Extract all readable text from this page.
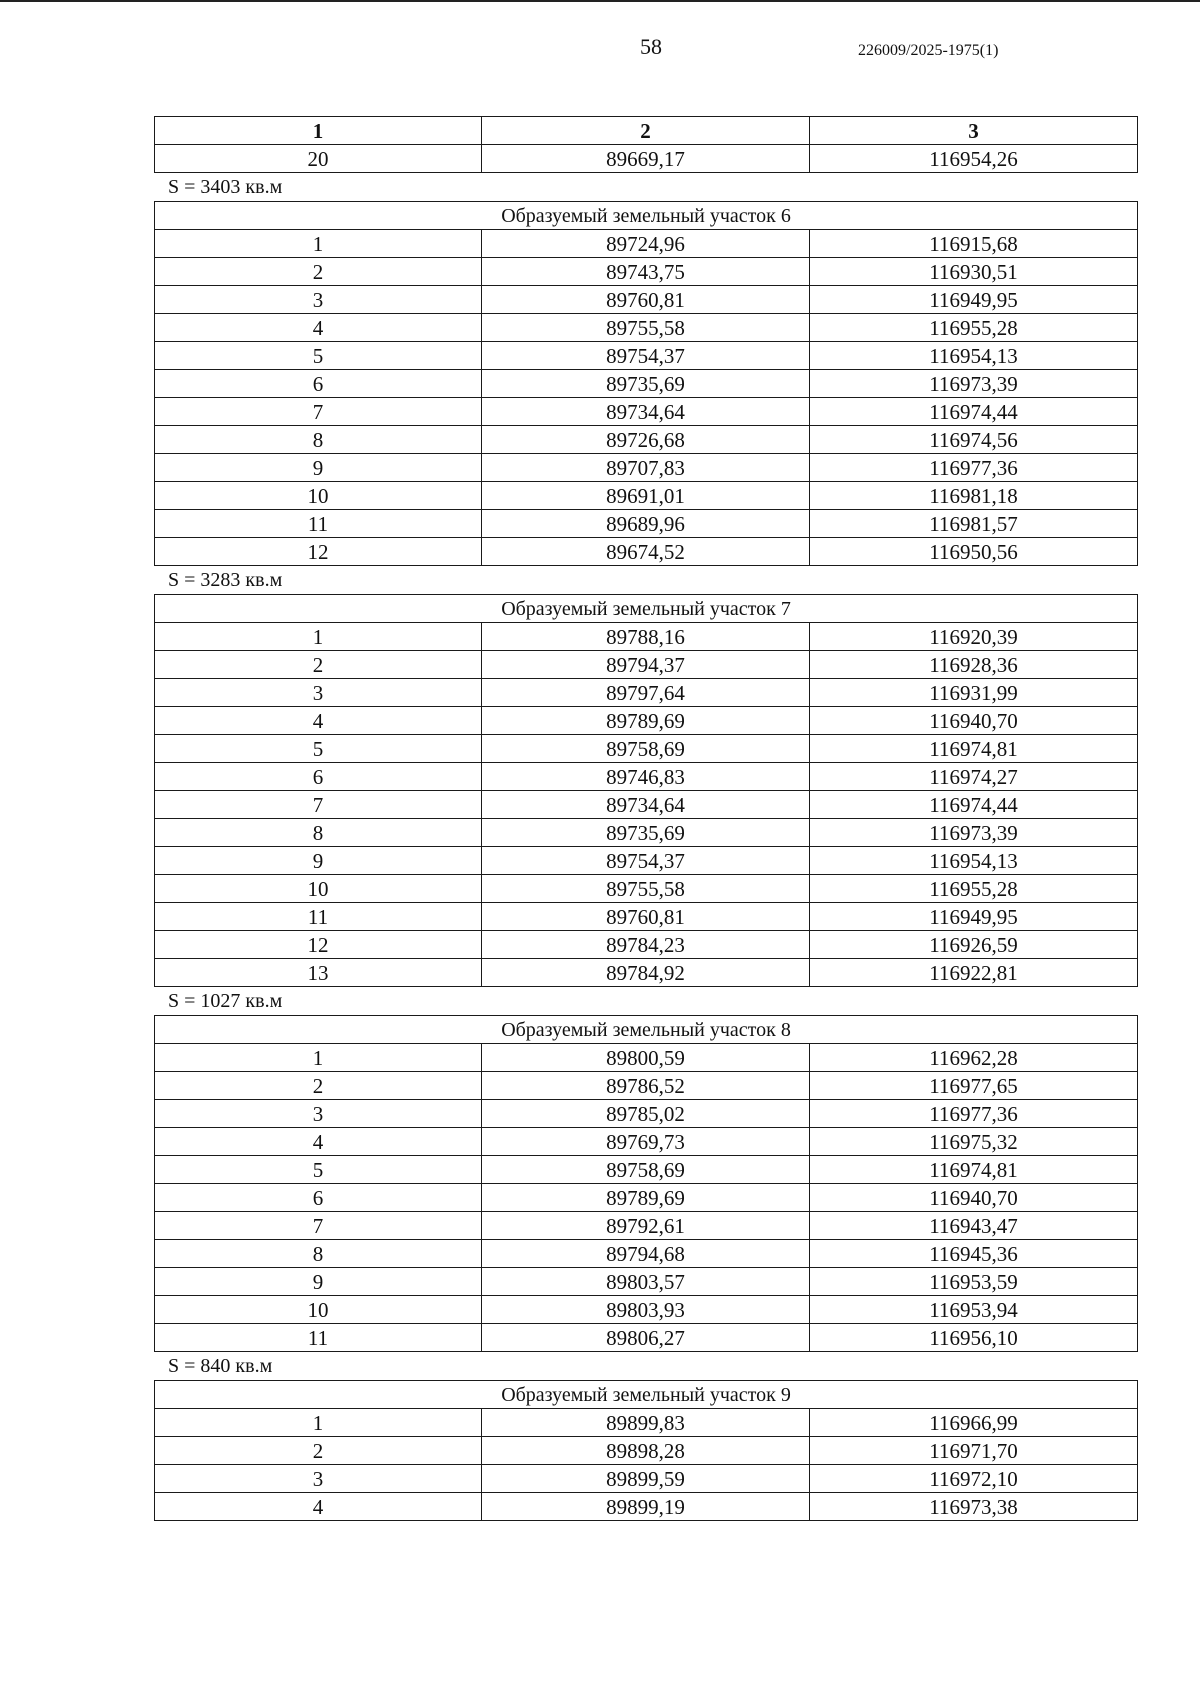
58	226009/2025-1975(1)
1	2	3
20	89669,17	116954,26
S = 3403 кв.м
Образуемый земельный участок 6		
1	89724,96	116915,68
2	89743,75	116930,51
3	89760,81	116949,95
4	89755,58	116955,28
5	89754,37	116954,13
6	89735,69	116973,39
7	89734,64	116974,44
8	89726,68	116974,56
9	89707,83	116977,36
10	89691,01	116981,18
11	89689,96	116981,57
12	89674,52	116950,56
S = 3283 кв.м
Образуемый земельный участок 7		
1	89788,16	116920,39
2	89794,37	116928,36
3	89797,64	116931,99
4	89789,69	116940,70
5	89758,69	116974,81
6	89746,83	116974,27
7	89734,64	116974,44
8	89735,69	116973,39
9	89754,37	116954,13
10	89755,58	116955,28
11	89760,81	116949,95
12	89784,23	116926,59
13	89784,92	116922,81
S = 1027 кв.м
Образуемый земельный участок 8		
1	89800,59	116962,28
2	89786,52	116977,65
3	89785,02	116977,36
4	89769,73	116975,32
5	89758,69	116974,81
6	89789,69	116940,70
7	89792,61	116943,47
8	89794,68	116945,36
9	89803,57	116953,59
10	89803,93	116953,94
11	89806,27	116956,10
S = 840 кв.м
Образуемый земельный участок 9		
1	89899,83	116966,99
2	89898,28	116971,70
3	89899,59	116972,10
4	89899,19	116973,38
